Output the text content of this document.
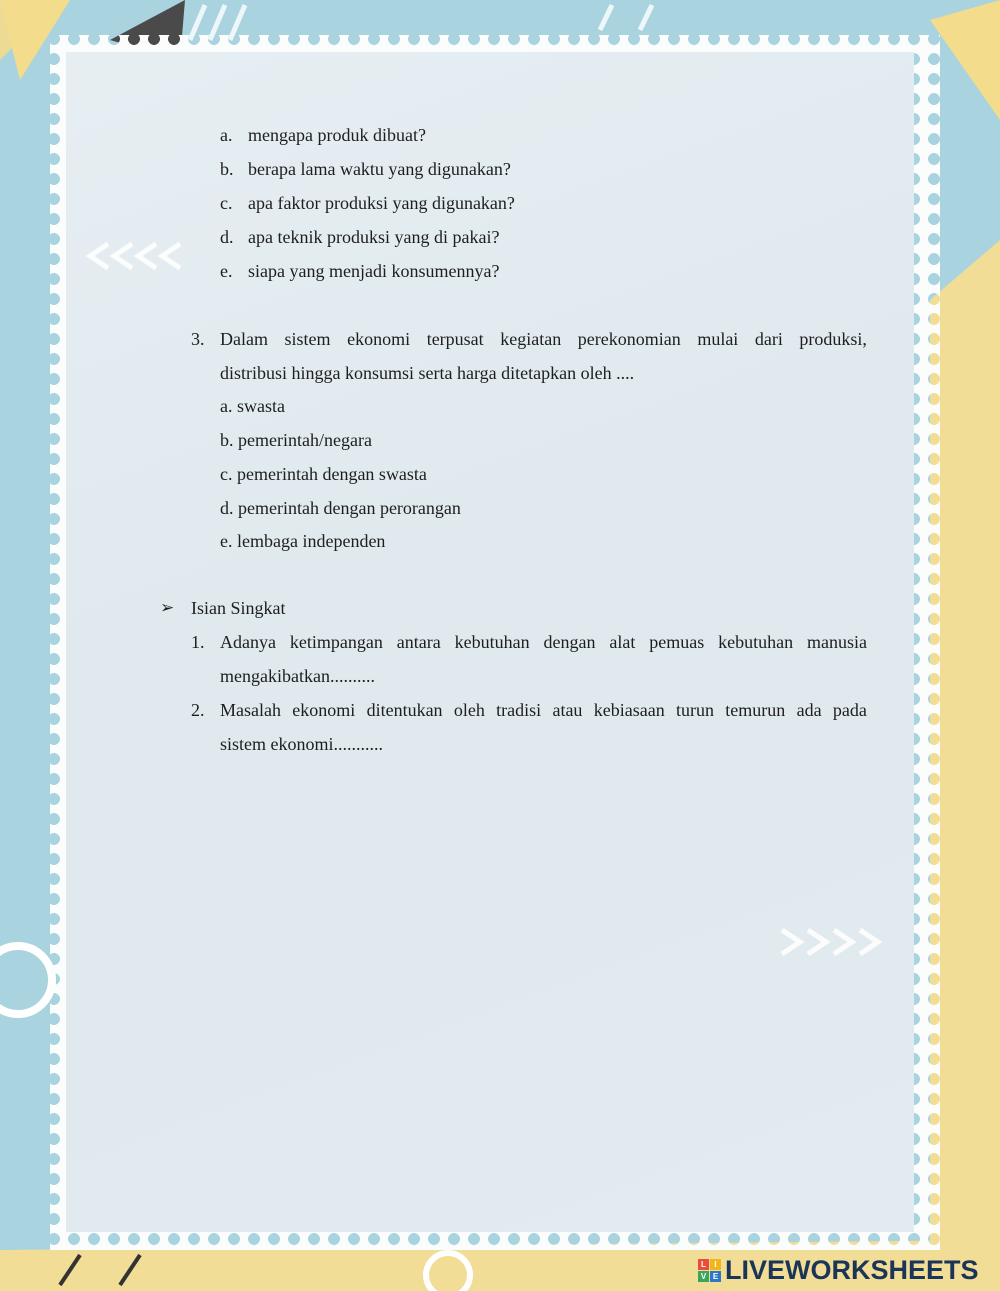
a. mengapa produk dibuat?
b. berapa lama waktu yang digunakan?
c. apa faktor produksi yang digunakan?
d. apa teknik produksi yang di pakai?
e. siapa yang menjadi konsumennya?
3. Dalam sistem ekonomi terpusat kegiatan perekonomian mulai dari produksi,
distribusi hingga konsumsi serta harga ditetapkan oleh ....
a. swasta
b. pemerintah/negara
c. pemerintah dengan swasta
d. pemerintah dengan perorangan
e. lembaga independen
➢ Isian Singkat
1. Adanya ketimpangan antara kebutuhan dengan alat pemuas kebutuhan manusia
mengakibatkan..........
2. Masalah ekonomi ditentukan oleh tradisi atau kebiasaan turun temurun ada pada
sistem ekonomi...........
L	I
V E LIVEWORKSHEETS
